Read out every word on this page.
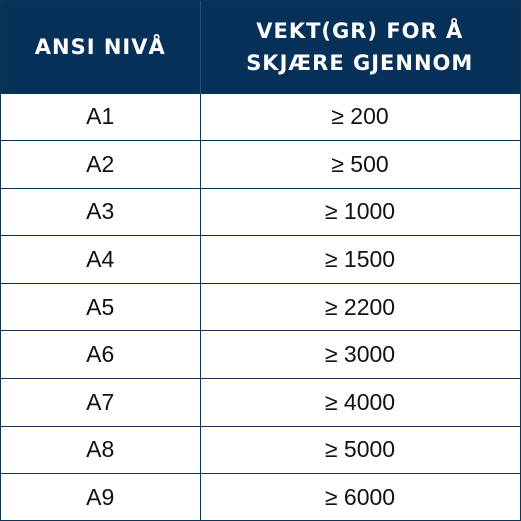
ANSI NIVÅ	VEKT(GR) FOR Å
SKJÆRE GJENNOM

A1	≥ 200
A2	≥ 500
A3	≥ 1000
A4	≥ 1500
A5	≥ 2200
A6	≥ 3000
A7	≥ 4000
A8	≥ 5000
A9	≥ 6000
